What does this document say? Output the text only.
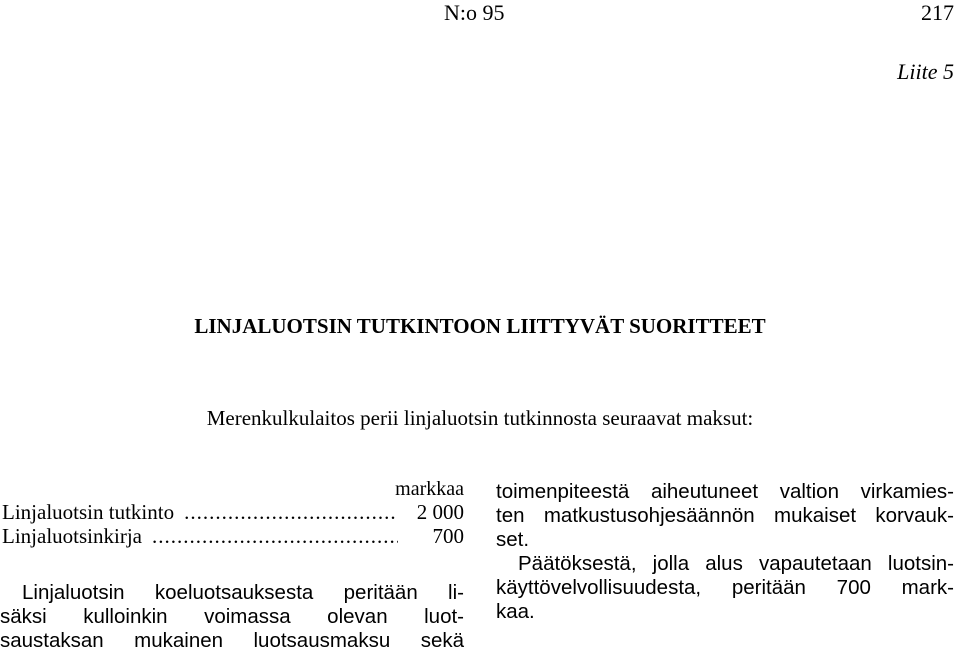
N:o 95	217
Liite 5
LINJALUOTSIN TUTKINTOON LIITTYVÄT SUORITTEET
Merenkulkulaitos perii linjaluotsin tutkinnosta seuraavat maksut:
markkaa
Linjaluotsin tutkinto .....	2 000
Linjaluotsinkirja .....	700
Linjaluotsin koeluotsauksesta peritään li-
säksi kulloinkin voimassa olevan luot-
saustaksan mukainen luotsausmaksu sekä
toimenpiteestä aiheutuneet valtion virkamies-
ten matkustusohjesäännön mukaiset korvauk-
set.
Päätöksestä, jolla alus vapautetaan luotsin-
käyttövelvollisuudesta, peritään 700 mark-
kaa.
